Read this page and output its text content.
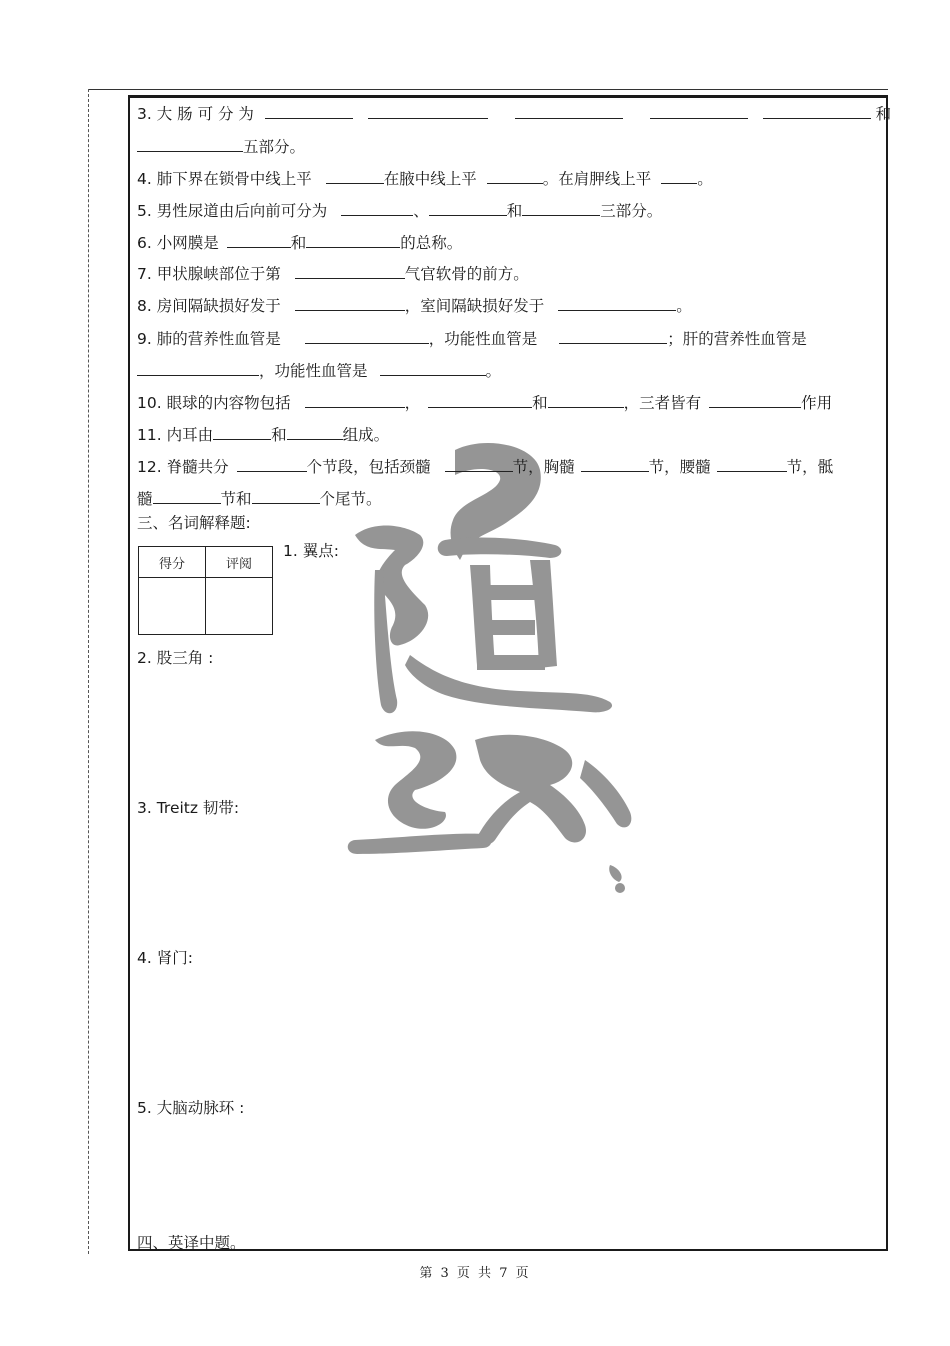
3. 大 肠 可 分 为	和
五部分。
4. 肺下界在锁骨中线上平	在腋中线上平	。在肩胛线上平	。
5. 男性尿道由后向前可分为	、	和	三部分。
6. 小网膜是	和	的总称。
7. 甲状腺峡部位于第	气官软骨的前方。
8. 房间隔缺损好发于	，室间隔缺损好发于	。
9. 肺的营养性血管是	，功能性血管是	；肝的营养性血管是
，功能性血管是	。
10. 眼球的内容物包括	，	和	，三者皆有	作用
11. 内耳由	和	组成。
12. 脊髓共分	个节段，包括颈髓	节，胸髓	节，腰髓	节，骶
髓	节和	个尾节。
三、名词解释题:
得分	评阅

1. 翼点:
2. 股三角 :
3. Treitz 韧带:
4. 肾门:
5. 大脑动脉环 :
四、英译中题。
第 3 页 共 7 页
